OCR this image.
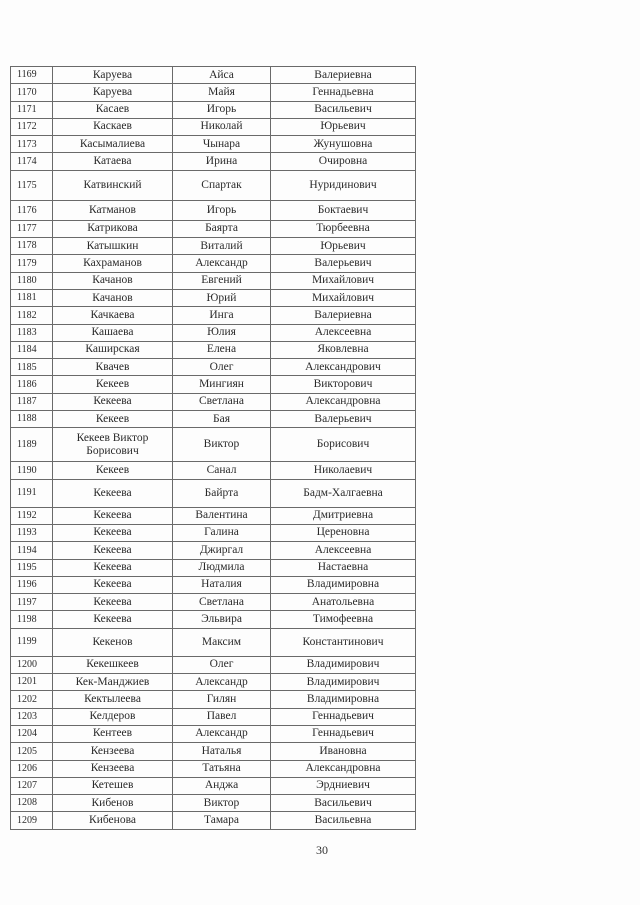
1169	Каруева	Айса	Валериевна
1170	Каруева	Майя	Геннадьевна
1171	Касаев	Игорь	Васильевич
1172	Каскаев	Николай	Юрьевич
1173	Касымалиева	Чынара	Жунушовна
1174	Катаева	Ирина	Очировна
1175	Катвинский	Спартак	Нуридинович
1176	Катманов	Игорь	Боктаевич
1177	Катрикова	Баярта	Тюрбеевна
1178	Катышкин	Виталий	Юрьевич
1179	Кахраманов	Александр	Валерьевич
1180	Качанов	Евгений	Михайлович
1181	Качанов	Юрий	Михайлович
1182	Качкаева	Инга	Валериевна
1183	Кашаева	Юлия	Алексеевна
1184	Каширская	Елена	Яковлевна
1185	Квачев	Олег	Александрович
1186	Кекеев	Мингиян	Викторович
1187	Кекеева	Светлана	Александровна
1188	Кекеев	Бая	Валерьевич
1189	Кекеев Виктор Борисович	Виктор	Борисович
1190	Кекеев	Санал	Николаевич
1191	Кекеева	Байрта	Бадм-Халгаевна
1192	Кекеева	Валентина	Дмитриевна
1193	Кекеева	Галина	Цереновна
1194	Кекеева	Джиргал	Алексеевна
1195	Кекеева	Людмила	Настаевна
1196	Кекеева	Наталия	Владимировна
1197	Кекеева	Светлана	Анатольевна
1198	Кекеева	Эльвира	Тимофеевна
1199	Кекенов	Максим	Константинович
1200	Кекешкеев	Олег	Владимирович
1201	Кек-Манджиев	Александр	Владимирович
1202	Кектылеева	Гилян	Владимировна
1203	Келдеров	Павел	Геннадьевич
1204	Кентеев	Александр	Геннадьевич
1205	Кензеева	Наталья	Ивановна
1206	Кензеева	Татьяна	Александровна
1207	Кетешев	Анджа	Эрдниевич
1208	Кибенов	Виктор	Васильевич
1209	Кибенова	Тамара	Васильевна
30
